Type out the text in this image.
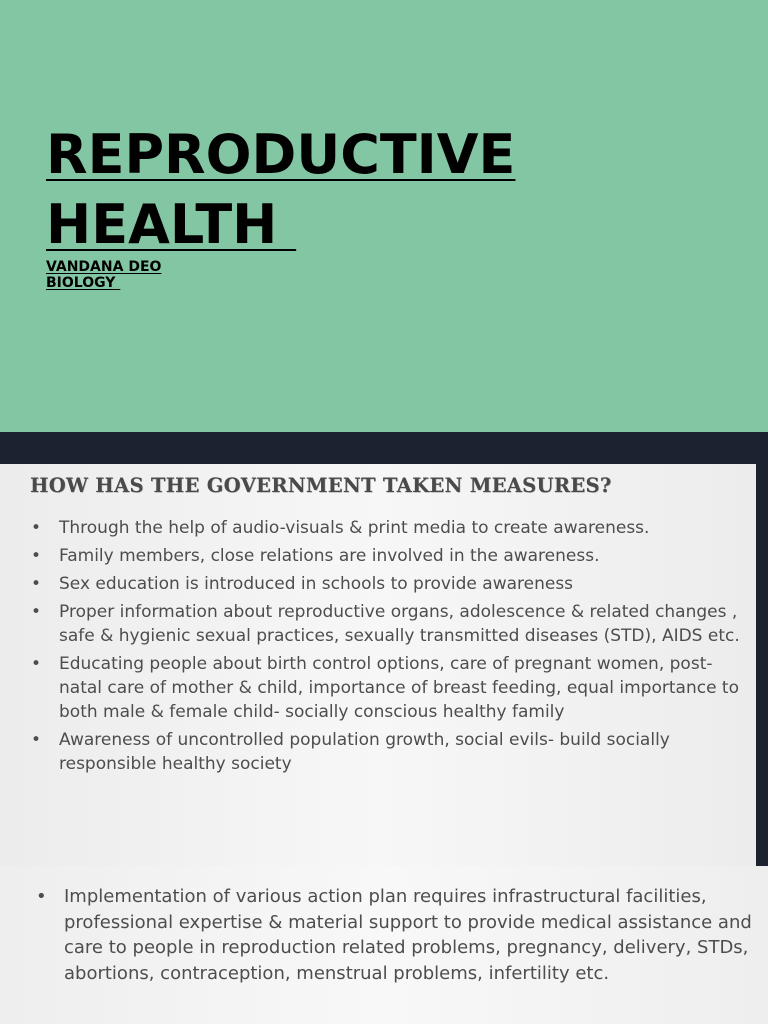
REPRODUCTIVE
HEALTH
VANDANA DEO
BIOLOGY
HOW HAS THE GOVERNMENT TAKEN MEASURES?
• Through the help of audio-visuals & print media to create awareness.
• Family members, close relations are involved in the awareness.
• Sex education is introduced in schools to provide awareness
• Proper information about reproductive organs, adolescence & related changes , safe & hygienic sexual practices, sexually transmitted diseases (STD), AIDS etc.
• Educating people about birth control options, care of pregnant women, post- natal care of mother & child, importance of breast feeding, equal importance to both male & female child- socially conscious healthy family
• Awareness of uncontrolled population growth, social evils- build socially responsible healthy society
• Implementation of various action plan requires infrastructural facilities, professional expertise & material support to provide medical assistance and care to people in reproduction related problems, pregnancy, delivery, STDs, abortions, contraception, menstrual problems, infertility etc.
